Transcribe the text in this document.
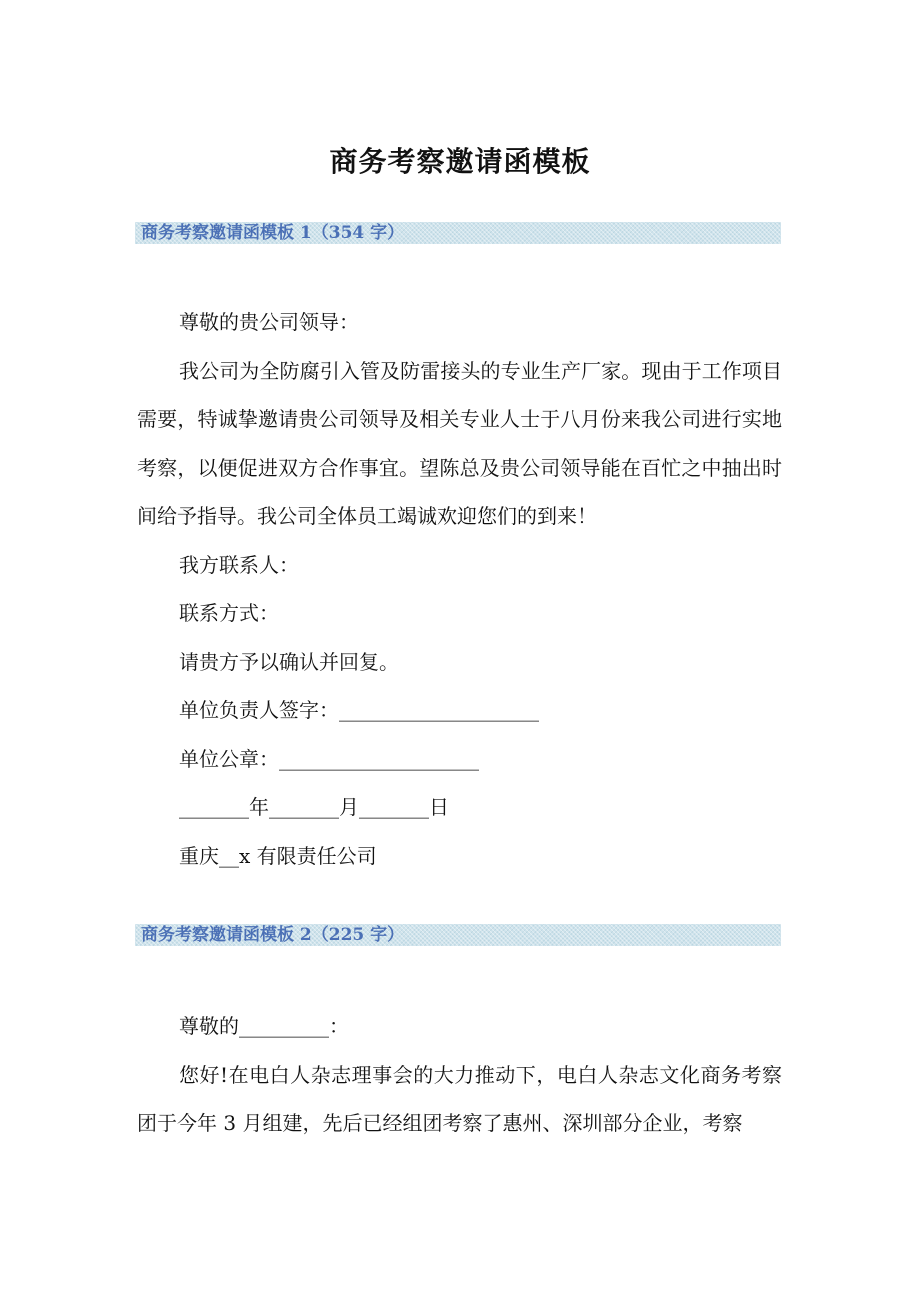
商务考察邀请函模板
商务考察邀请函模板 1（354 字）

尊敬的贵公司领导：

我公司为全防腐引入管及防雷接头的专业生产厂家。现由于工作项目需要，特诚挚邀请贵公司领导及相关专业人士于八月份来我公司进行实地考察，以便促进双方合作事宜。望陈总及贵公司领导能在百忙之中抽出时间给予指导。我公司全体员工竭诚欢迎您们的到来！

我方联系人：

联系方式：

请贵方予以确认并回复。

单位负责人签字：____________________

单位公章：____________________

_______年_______月_______日

重庆__x 有限责任公司

商务考察邀请函模板 2（225 字）

尊敬的_________：

您好!在电白人杂志理事会的大力推动下，电白人杂志文化商务考察团于今年 3 月组建，先后已经组团考察了惠州、深圳部分企业，考察
